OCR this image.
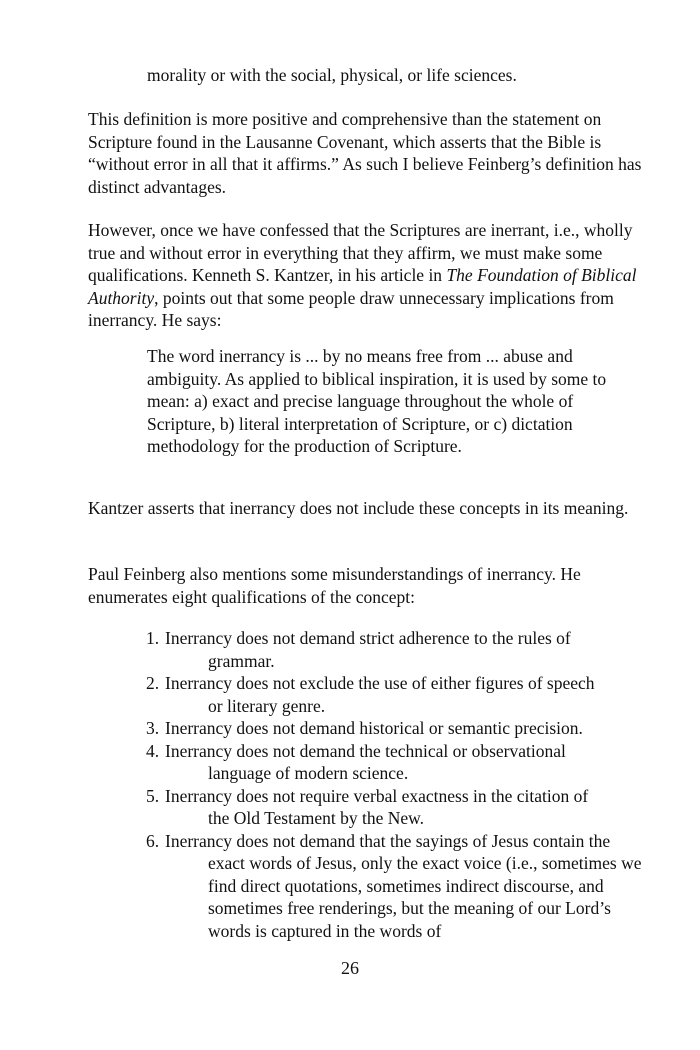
morality or with the social, physical, or life sciences.

This definition is more positive and comprehensive than the statement on Scripture found in the Lausanne Covenant, which asserts that the Bible is “without error in all that it affirms.” As such I believe Feinberg’s definition has distinct advantages.

However, once we have confessed that the Scriptures are inerrant, i.e., wholly true and without error in everything that they affirm, we must make some qualifications. Kenneth S. Kantzer, in his article in The Foundation of Biblical Authority, points out that some people draw unnecessary implications from inerrancy. He says:

The word inerrancy is ... by no means free from ... abuse and ambiguity. As applied to biblical inspiration, it is used by some to mean: a) exact and precise language throughout the whole of Scripture, b) literal interpretation of Scripture, or c) dictation methodology for the production of Scripture.

Kantzer asserts that inerrancy does not include these concepts in its meaning.

Paul Feinberg also mentions some misunderstandings of inerrancy. He enumerates eight qualifications of the concept:

1. Inerrancy does not demand strict adherence to the rules of
grammar.
2. Inerrancy does not exclude the use of either figures of speech
or literary genre.
3. Inerrancy does not demand historical or semantic precision.
4. Inerrancy does not demand the technical or observational
language of modern science.
5. Inerrancy does not require verbal exactness in the citation of
the Old Testament by the New.
6. Inerrancy does not demand that the sayings of Jesus contain the
exact words of Jesus, only the exact voice (i.e., sometimes we find direct quotations, sometimes indirect discourse, and sometimes free renderings, but the meaning of our Lord’s words is captured in the words of
26
